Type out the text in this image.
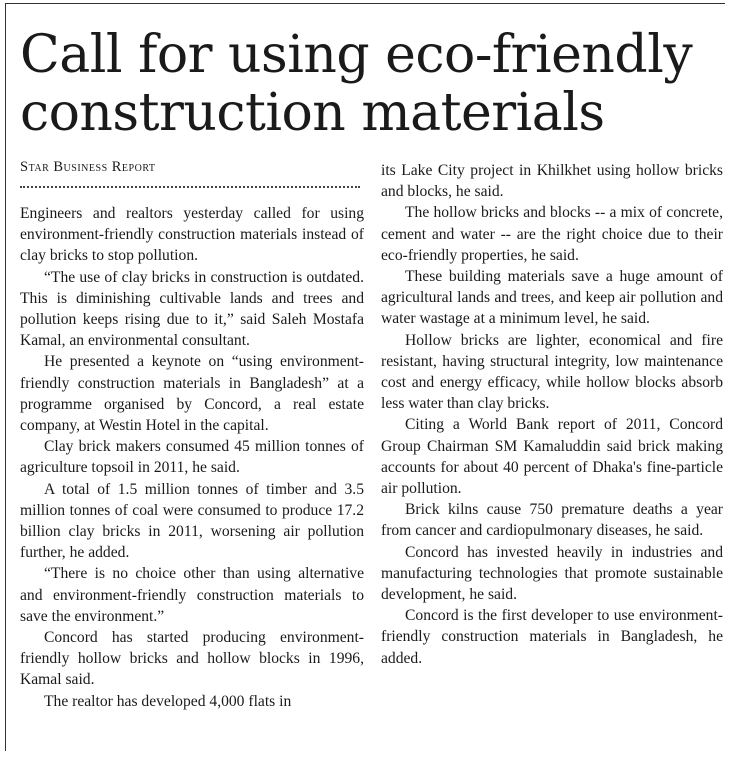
Call for using eco-friendly construction materials
Star Business Report

Engineers and realtors yesterday called for using environment-friendly construction materials instead of clay bricks to stop pollution.

“The use of clay bricks in construction is outdated. This is diminishing cultivable lands and trees and pollution keeps rising due to it,” said Saleh Mostafa Kamal, an environmental consultant.

He presented a keynote on “using environment-friendly construction materials in Bangladesh” at a programme organised by Concord, a real estate company, at Westin Hotel in the capital.

Clay brick makers consumed 45 million tonnes of agriculture topsoil in 2011, he said.

A total of 1.5 million tonnes of timber and 3.5 million tonnes of coal were consumed to produce 17.2 billion clay bricks in 2011, worsening air pollution further, he added.

“There is no choice other than using alternative and environment-friendly construction materials to save the environment.”

Concord has started producing environment-friendly hollow bricks and hollow blocks in 1996, Kamal said.

The realtor has developed 4,000 flats in

its Lake City project in Khilkhet using hollow bricks and blocks, he said.

The hollow bricks and blocks -- a mix of concrete, cement and water -- are the right choice due to their eco-friendly properties, he said.

These building materials save a huge amount of agricultural lands and trees, and keep air pollution and water wastage at a minimum level, he said.

Hollow bricks are lighter, economical and fire resistant, having structural integrity, low maintenance cost and energy efficacy, while hollow blocks absorb less water than clay bricks.

Citing a World Bank report of 2011, Concord Group Chairman SM Kamaluddin said brick making accounts for about 40 percent of Dhaka's fine-particle air pollution.

Brick kilns cause 750 premature deaths a year from cancer and cardiopulmonary diseases, he said.

Concord has invested heavily in industries and manufacturing technologies that promote sustainable development, he said.

Concord is the first developer to use environment-friendly construction materials in Bangladesh, he added.
